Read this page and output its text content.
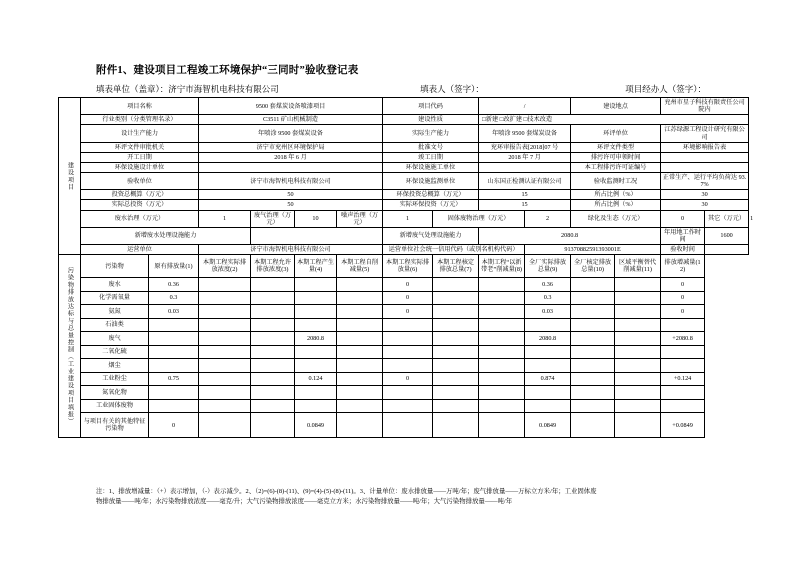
附件1、建设项目工程竣工环境保护“三同时”验收登记表
填表单位（盖章）：济宁市海智机电科技有限公司	填表人（签字）：	项目经办人（签字）：
建设项目	项目名称		9500 套煤炭设备喷漆项目				项目代码		/		建设地点		兖州市星子科技有限责任公司院内		
	行业类别（分类管理名录）		C3511 矿山机械制造				建设性质		□新建 □改扩建 □技术改造						
	设计生产能力		年喷涂 9500 套煤炭设备				实际生产能力		年喷涂 9500 套煤炭设备		环评单位		江苏绿源工程设计研究有限公司		
	环评文件审批机关		济宁市兖州区环境保护局				批准文号		兖环审报告表[2018]07 号		环评文件类型		环境影响报告表		
	开工日期		2018 年 6 月				竣工日期		2018 年 7 月		排污许可申领时间				
	环保设施设计单位						环保设施施工单位				本工程排污许可证编号				
	验收单位		济宁市海智机电科技有限公司				环保设施监测单位		山东国正检测认证有限公司		验收监测时工况		正常生产、运行平均负荷达 93.7%		
	投资总概算（万元）		50				环保投资总概算（万元）		15		所占比例（%）		30		
	实际总投资（万元）		50				实际环保投资（万元）		15		所占比例（%）		30		
	废水治理（万元）		1	废气治理（万元）	10	噪声治理（万元）	1	固体废物治理（万元）		2	绿化及生态（万元）		0	其它（万元）	1
	新增废水处理设施能力						新增废气处理设施能力		2080.8				年用地工作时间	1600	
	运营单位		济宁市海智机电科技有限公司				运营单位社会统一信用代码（或别名机构代码）			91370882591393001E			验收时间		

污染物排放达标与总量控制（工业建设项目填报）	污染物	原有排放量(1)	本期工程实际排放浓度(2)	本期工程允许排放浓度(3)	本期工程产生量(4)	本期工程自削减量(5)	本期工程实际排放量(6)	本期工程核定排放总量(7)	本期工程“以新带老”削减量(8)	全厂实际排放总量(9)	全厂核定排放总量(10)	区域平衡替代削减量(11)	排放增减量(12)		
	废水	0.36					0			0.36			0		
	化学需氧量	0.3					0			0.3			0		
	氨氮	0.03					0			0.03			0		
	石油类														
	废气				2080.8					2080.8			+2080.8		
	二氧化硫														
	烟尘														
	工业粉尘	0.75			0.124		0			0.874			+0.124		
	氮氧化物														
	工业固体废物														
	与项目有关的其他特征污染物	0			0.0849					0.0849			+0.0849		

注：1、排放增减量：（+）表示增加，（-）表示减少。2、（2)=(6)-(8)-(11)、(9)=(4)-(5)-(8)-(11)。3、计量单位：废水排放量——万吨/年；废气排放量——万标立方米/年；工业固体废

物排放量——吨/年；水污染物排放浓度——毫克/升；大气污染物排放浓度——毫克立方米；水污染物排放量——吨/年；大气污染物排放量——吨/年
